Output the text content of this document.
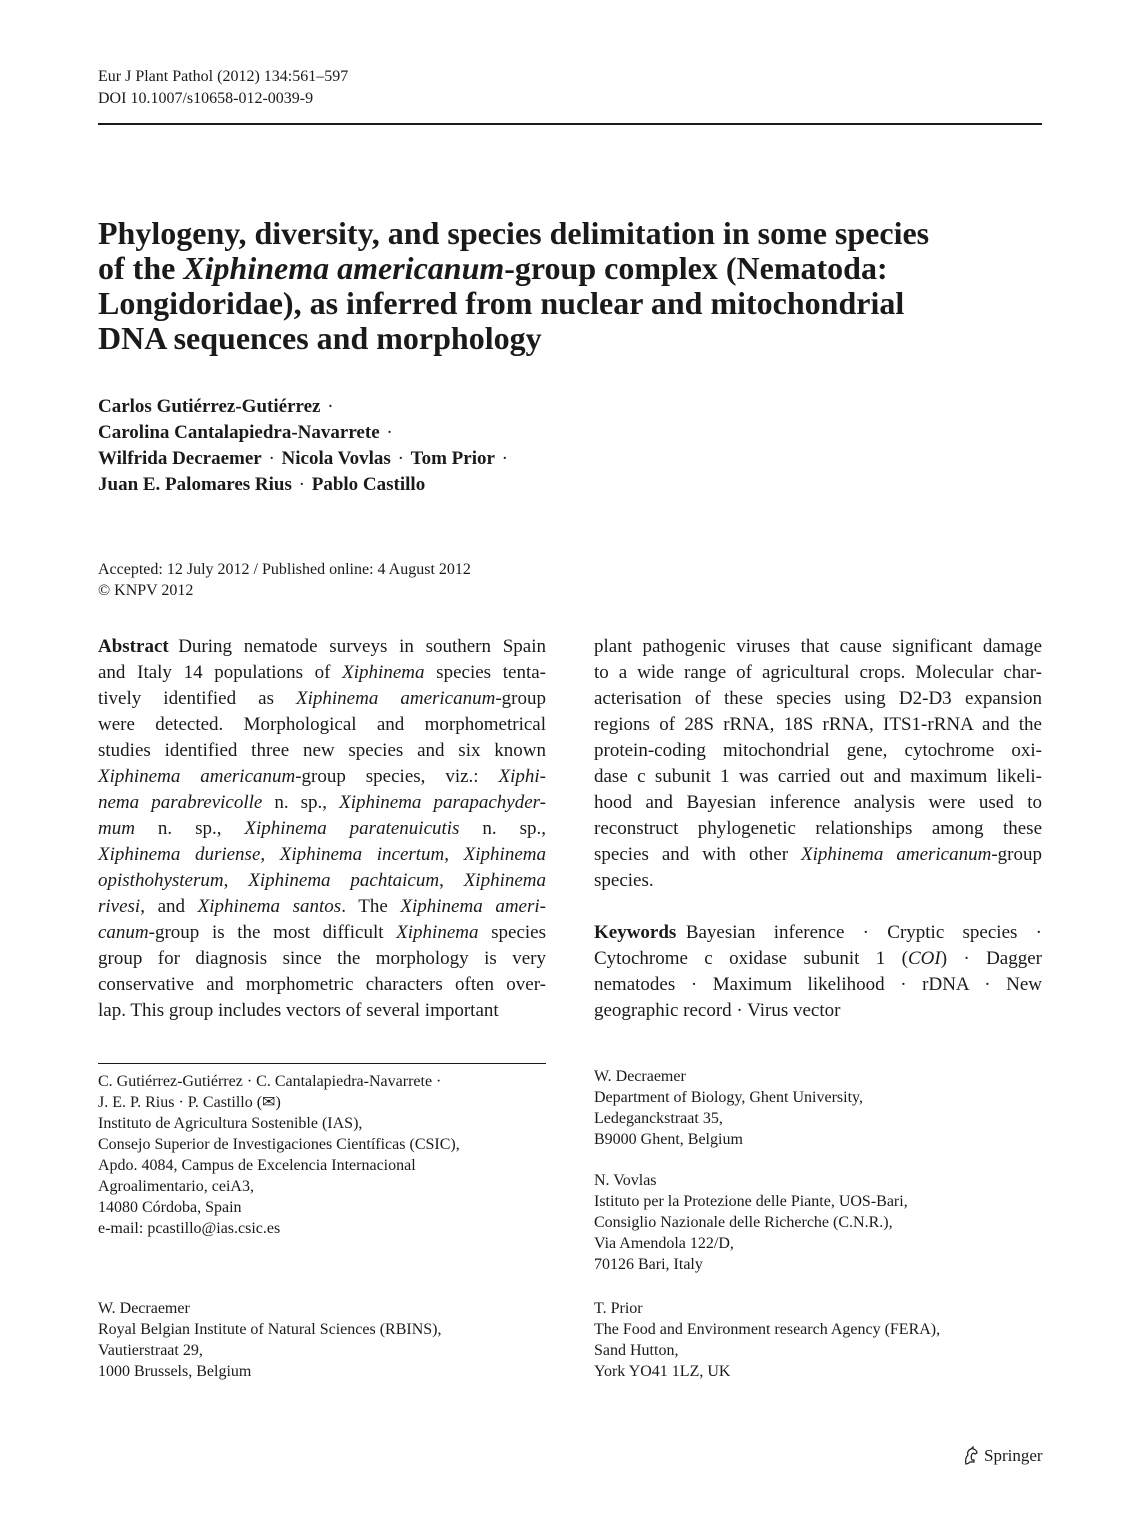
Eur J Plant Pathol (2012) 134:561–597
DOI 10.1007/s10658-012-0039-9
Phylogeny, diversity, and species delimitation in some species
of the Xiphinema americanum-group complex (Nematoda:
Longidoridae), as inferred from nuclear and mitochondrial
DNA sequences and morphology
Carlos Gutiérrez-Gutiérrez ·
Carolina Cantalapiedra-Navarrete ·
Wilfrida Decraemer · Nicola Vovlas · Tom Prior ·
Juan E. Palomares Rius · Pablo Castillo
Accepted: 12 July 2012 / Published online: 4 August 2012
© KNPV 2012
Abstract During nematode surveys in southern Spain
and Italy 14 populations of Xiphinema species tenta-
tively identified as Xiphinema americanum-group
were detected. Morphological and morphometrical
studies identified three new species and six known
Xiphinema americanum-group species, viz.: Xiphi-
nema parabrevicolle n. sp., Xiphinema parapachyder-
mum n. sp., Xiphinema paratenuicutis n. sp.,
Xiphinema duriense, Xiphinema incertum, Xiphinema
opisthohysterum, Xiphinema pachtaicum, Xiphinema
rivesi, and Xiphinema santos. The Xiphinema ameri-
canum-group is the most difficult Xiphinema species
group for diagnosis since the morphology is very
conservative and morphometric characters often over-
lap. This group includes vectors of several important
plant pathogenic viruses that cause significant damage
to a wide range of agricultural crops. Molecular char-
acterisation of these species using D2-D3 expansion
regions of 28S rRNA, 18S rRNA, ITS1-rRNA and the
protein-coding mitochondrial gene, cytochrome oxi-
dase c subunit 1 was carried out and maximum likeli-
hood and Bayesian inference analysis were used to
reconstruct phylogenetic relationships among these
species and with other Xiphinema americanum-group
species.
Keywords Bayesian inference · Cryptic species ·
Cytochrome c oxidase subunit 1 (COI) · Dagger
nematodes · Maximum likelihood · rDNA · New
geographic record · Virus vector
C. Gutiérrez-Gutiérrez · C. Cantalapiedra-Navarrete ·
J. E. P. Rius · P. Castillo (✉)
Instituto de Agricultura Sostenible (IAS),
Consejo Superior de Investigaciones Científicas (CSIC),
Apdo. 4084, Campus de Excelencia Internacional
Agroalimentario, ceiA3,
14080 Córdoba, Spain
e-mail: pcastillo@ias.csic.es
W. Decraemer
Royal Belgian Institute of Natural Sciences (RBINS),
Vautierstraat 29,
1000 Brussels, Belgium
W. Decraemer
Department of Biology, Ghent University,
Ledeganckstraat 35,
B9000 Ghent, Belgium
N. Vovlas
Istituto per la Protezione delle Piante, UOS-Bari,
Consiglio Nazionale delle Richerche (C.N.R.),
Via Amendola 122/D,
70126 Bari, Italy
T. Prior
The Food and Environment research Agency (FERA),
Sand Hutton,
York YO41 1LZ, UK
Springer
